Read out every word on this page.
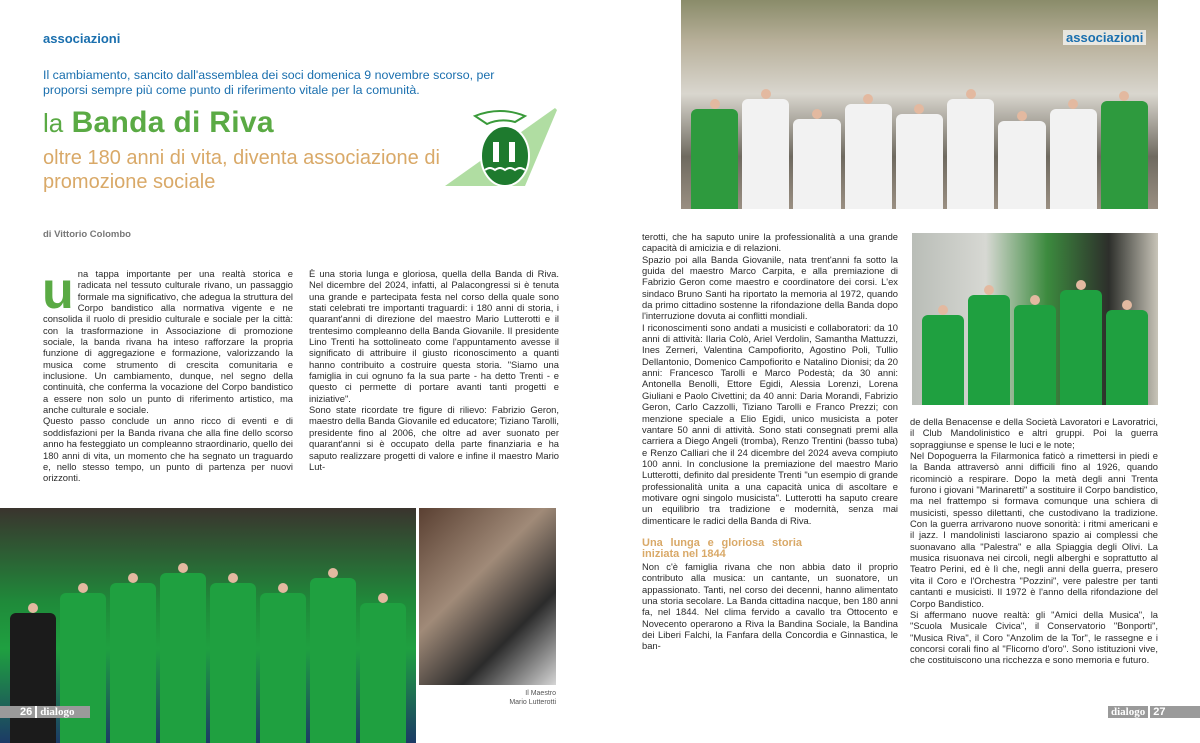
associazioni
Il cambiamento, sancito dall'assemblea dei soci domenica 9 novembre scorso, per proporsi sempre più come punto di riferimento vitale per la comunità.
la Banda di Riva
oltre 180 anni di vita, diventa associazione di promozione sociale
di Vittorio Colombo

una tappa importante per una realtà storica e radicata nel tessuto culturale rivano, un passaggio formale ma significativo, che adegua la struttura del Corpo bandistico alla normativa vigente e ne consolida il ruolo di presidio culturale e sociale per la città: con la trasformazione in Associazione di promozione sociale, la banda rivana ha inteso rafforzare la propria funzione di aggregazione e formazione, valorizzando la musica come strumento di crescita comunitaria e inclusione. Un cambiamento, dunque, nel segno della continuità, che conferma la vocazione del Corpo bandistico a essere non solo un punto di riferimento artistico, ma anche culturale e sociale.

Questo passo conclude un anno ricco di eventi e di soddisfazioni per la Banda rivana che alla fine dello scorso anno ha festeggiato un compleanno straordinario, quello dei 180 anni di vita, un momento che ha segnato un traguardo e, nello stesso tempo, un punto di partenza per nuovi orizzonti.

È una storia lunga e gloriosa, quella della Banda di Riva. Nel dicembre del 2024, infatti, al Palacongressi si è tenuta una grande e partecipata festa nel corso della quale sono stati celebrati tre importanti traguardi: i 180 anni di storia, i quarant'anni di direzione del maestro Mario Lutterotti e il trentesimo compleanno della Banda Giovanile. Il presidente Lino Trenti ha sottolineato come l'appuntamento avesse il significato di attribuire il giusto riconoscimento a quanti hanno contribuito a costruire questa storia. "Siamo una famiglia in cui ognuno fa la sua parte - ha detto Trenti - e questo ci permette di portare avanti tanti progetti e iniziative".

Sono state ricordate tre figure di rilievo: Fabrizio Geron, maestro della Banda Giovanile ed educatore; Tiziano Tarolli, presidente fino al 2006, che oltre ad aver suonato per quarant'anni si è occupato della parte finanziaria e ha saputo realizzare progetti di valore e infine il maestro Mario Lut-

terotti, che ha saputo unire la professionalità a una grande capacità di amicizia e di relazioni.

Spazio poi alla Banda Giovanile, nata trent'anni fa sotto la guida del maestro Marco Carpita, e alla premiazione di Fabrizio Geron come maestro e coordinatore dei corsi. L'ex sindaco Bruno Santi ha riportato la memoria al 1972, quando da primo cittadino sostenne la rifondazione della Banda dopo l'interruzione dovuta ai conflitti mondiali.

I riconoscimenti sono andati a musicisti e collaboratori: da 10 anni di attività: Ilaria Colò, Ariel Verdolin, Samantha Mattuzzi, Ines Zerneri, Valentina Campofiorito, Agostino Poli, Tullio Dellantonio, Domenico Campofiorito e Natalino Dionisi; da 20 anni: Francesco Tarolli e Marco Podestà; da 30 anni: Antonella Benolli, Ettore Egidi, Alessia Lorenzi, Lorena Giuliani e Paolo Civettini; da 40 anni: Daria Morandi, Fabrizio Geron, Carlo Cazzolli, Tiziano Tarolli e Franco Prezzi; con menzione speciale a Elio Egidi, unico musicista a poter vantare 50 anni di attività. Sono stati consegnati premi alla carriera a Diego Angeli (tromba), Renzo Trentini (basso tuba) e Renzo Calliari che il 24 dicembre del 2024 aveva compiuto 100 anni. In conclusione la premiazione del maestro Mario Lutterotti, definito dal presidente Trenti "un esempio di grande professionalità unita a una capacità unica di ascoltare e motivare ogni singolo musicista". Lutterotti ha saputo creare un equilibrio tra tradizione e modernità, senza mai dimenticare le radici della Banda di Riva.

Una lunga e gloriosa storia iniziata nel 1844

Non c'è famiglia rivana che non abbia dato il proprio contributo alla musica: un cantante, un suonatore, un appassionato. Tanti, nel corso dei decenni, hanno alimentato una storia secolare. La Banda cittadina nacque, ben 180 anni fa, nel 1844. Nel clima fervido a cavallo tra Ottocento e Novecento operarono a Riva la Bandina Sociale, la Bandina dei Liberi Falchi, la Fanfara della Concordia e Ginnastica, le ban-

de della Benacense e della Società Lavoratori e Lavoratrici, il Club Mandolinistico e altri gruppi. Poi la guerra sopraggiunse e spense le luci e le note;

Nel Dopoguerra la Filarmonica faticò a rimettersi in piedi e la Banda attraversò anni difficili fino al 1926, quando ricominciò a respirare. Dopo la metà degli anni Trenta furono i giovani "Marinaretti" a sostituire il Corpo bandistico, ma nel frattempo si formava comunque una schiera di musicisti, spesso dilettanti, che custodivano la tradizione. Con la guerra arrivarono nuove sonorità: i ritmi americani e il jazz. I mandolinisti lasciarono spazio ai complessi che suonavano alla "Palestra" e alla Spiaggia degli Olivi. La musica risuonava nei circoli, negli alberghi e soprattutto al Teatro Perini, ed è lì che, negli anni della guerra, presero vita il Coro e l'Orchestra "Pozzini", vere palestre per tanti cantanti e musicisti. Il 1972 è l'anno della rifondazione del Corpo Bandistico.

Si affermano nuove realtà: gli "Amici della Musica", la "Scuola Musicale Civica", il Conservatorio "Bonporti", "Musica Riva", il Coro "Anzolim de la Tor", le rassegne e i concorsi corali fino al "Flicorno d'oro". Sono istituzioni vive, che costituiscono una ricchezza e sono memoria e futuro.

associazioni
Il Maestro
Mario Lutterotti
26 dialogo	dialogo 27
